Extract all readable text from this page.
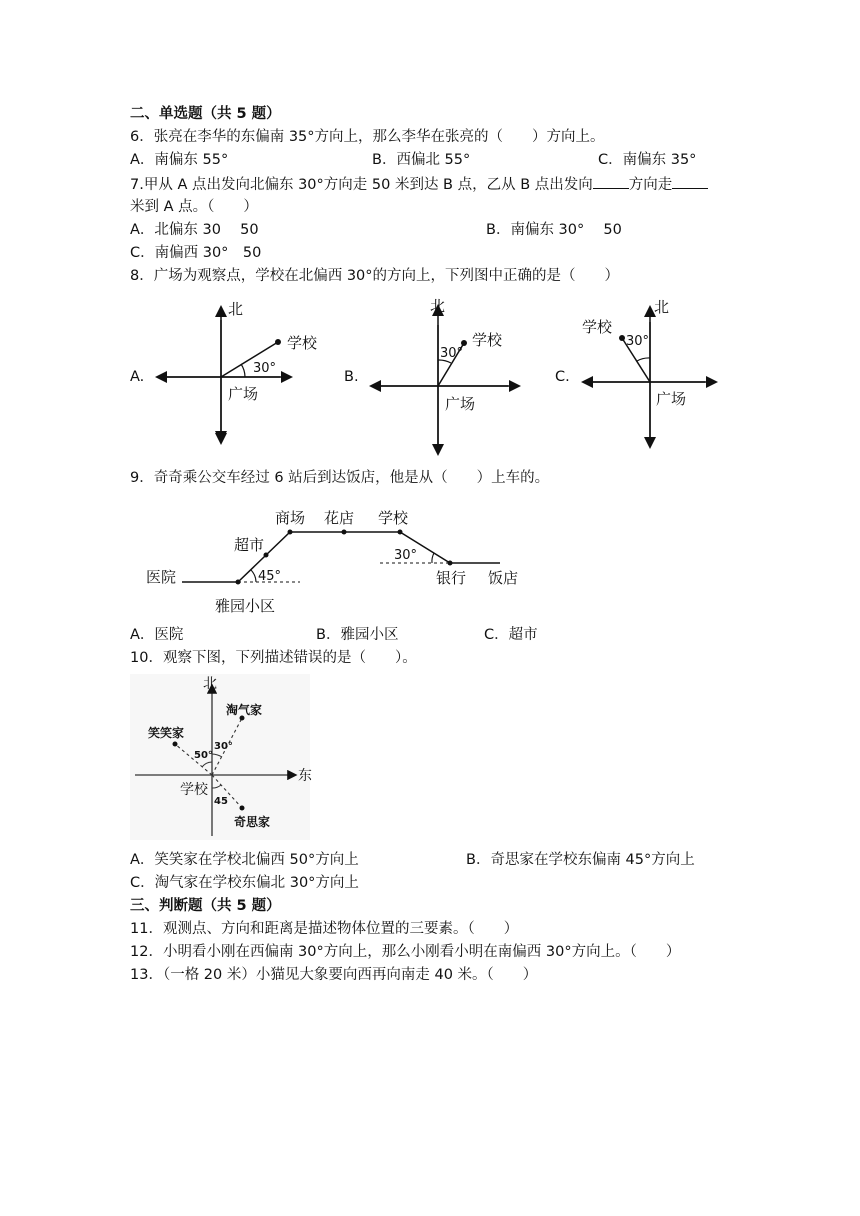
二、单选题（共 5 题）
6．张亮在李华的东偏南 35°方向上，那么李华在张亮的（　　）方向上。
A．南偏东 55°	B．西偏北 55°	C．南偏东 35°
7.甲从 A 点出发向北偏东 30°方向走 50 米到达 B 点，乙从 B 点出发向 方向走
米到 A 点。（　　）
A．北偏东 30　 50	B．南偏东 30°　 50
C．南偏西 30°　50
8．广场为观察点，学校在北偏西 30°的方向上，下列图中正确的是（　　）
A.
北
学校
30°
广场
B.
北
学校
30°
广场
C.
北
学校
30°
广场
9．奇奇乘公交车经过 6 站后到达饭店，他是从（　　）上车的。
医院
雅园小区
超市
商场 花店 学校
银行 饭店
45°
30°
A．医院	B．雅园小区	C．超市
10．观察下图，下列描述错误的是（　　）。
北
东
学校
笑笑家
淘气家
奇思家
50°
30°
45
A．笑笑家在学校北偏西 50°方向上	B．奇思家在学校东偏南 45°方向上
C．淘气家在学校东偏北 30°方向上
三、判断题（共 5 题）
11．观测点、方向和距离是描述物体位置的三要素。（　　）
12．小明看小刚在西偏南 30°方向上，那么小刚看小明在南偏西 30°方向上。（　　）
13．（一格 20 米）小猫见大象要向西再向南走 40 米。（　　）
